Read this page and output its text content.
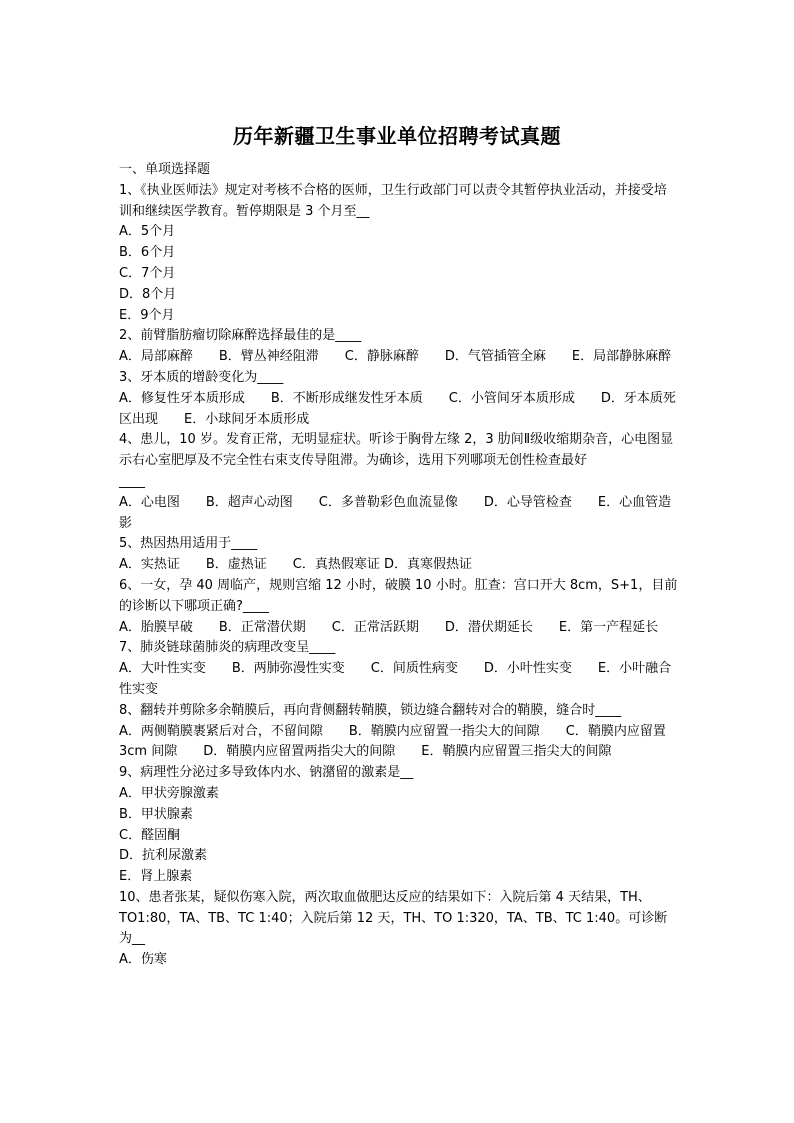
历年新疆卫生事业单位招聘考试真题

一、单项选择题

1、《执业医师法》规定对考核不合格的医师，卫生行政部门可以责令其暂停执业活动，并接受培训和继续医学教育。暂停期限是 3 个月至__

A．5个月

B．6个月

C．7个月

D．8个月

E．9个月

2、前臂脂肪瘤切除麻醉选择最佳的是____

A．局部麻醉　　B．臂丛神经阻滞　　C．静脉麻醉　　D．气管插管全麻　　E．局部静脉麻醉

3、牙本质的增龄变化为____

A．修复性牙本质形成　　B．不断形成继发性牙本质　　C．小管间牙本质形成　　D．牙本质死区出现　　E．小球间牙本质形成

4、患儿，10 岁。发育正常，无明显症状。听诊于胸骨左缘 2，3 肋间Ⅱ级收缩期杂音，心电图显示右心室肥厚及不完全性右束支传导阻滞。为确诊，选用下列哪项无创性检查最好

____

A．心电图　　B．超声心动图　　C．多普勒彩色血流显像　　D．心导管检查　　E．心血管造影

5、热因热用适用于____

A．实热证　　B．虚热证　　C．真热假寒证 D．真寒假热证

6、一女，孕 40 周临产，规则宫缩 12 小时，破膜 10 小时。肛查：宫口开大 8cm，S+1，目前的诊断以下哪项正确?____

A．胎膜早破　　B．正常潜伏期　　C．正常活跃期　　D．潜伏期延长　　E．第一产程延长

7、肺炎链球菌肺炎的病理改变呈____

A．大叶性实变　　B．两肺弥漫性实变　　C．间质性病变　　D．小叶性实变　　E．小叶融合性实变

8、翻转并剪除多余鞘膜后，再向背侧翻转鞘膜，锁边缝合翻转对合的鞘膜，缝合时____

A．两侧鞘膜裹紧后对合，不留间隙　　B．鞘膜内应留置一指尖大的间隙　　C．鞘膜内应留置 3cm 间隙　　D．鞘膜内应留置两指尖大的间隙　　E．鞘膜内应留置三指尖大的间隙

9、病理性分泌过多导致体内水、钠潴留的激素是__

A．甲状旁腺激素

B．甲状腺素

C．醛固酮

D．抗利尿激素

E．肾上腺素

10、患者张某，疑似伤寒入院，两次取血做肥达反应的结果如下：入院后第 4 天结果，TH、TO1:80，TA、TB、TC 1:40；入院后第 12 天，TH、TO 1:320，TA、TB、TC 1:40。可诊断为__

A．伤寒
